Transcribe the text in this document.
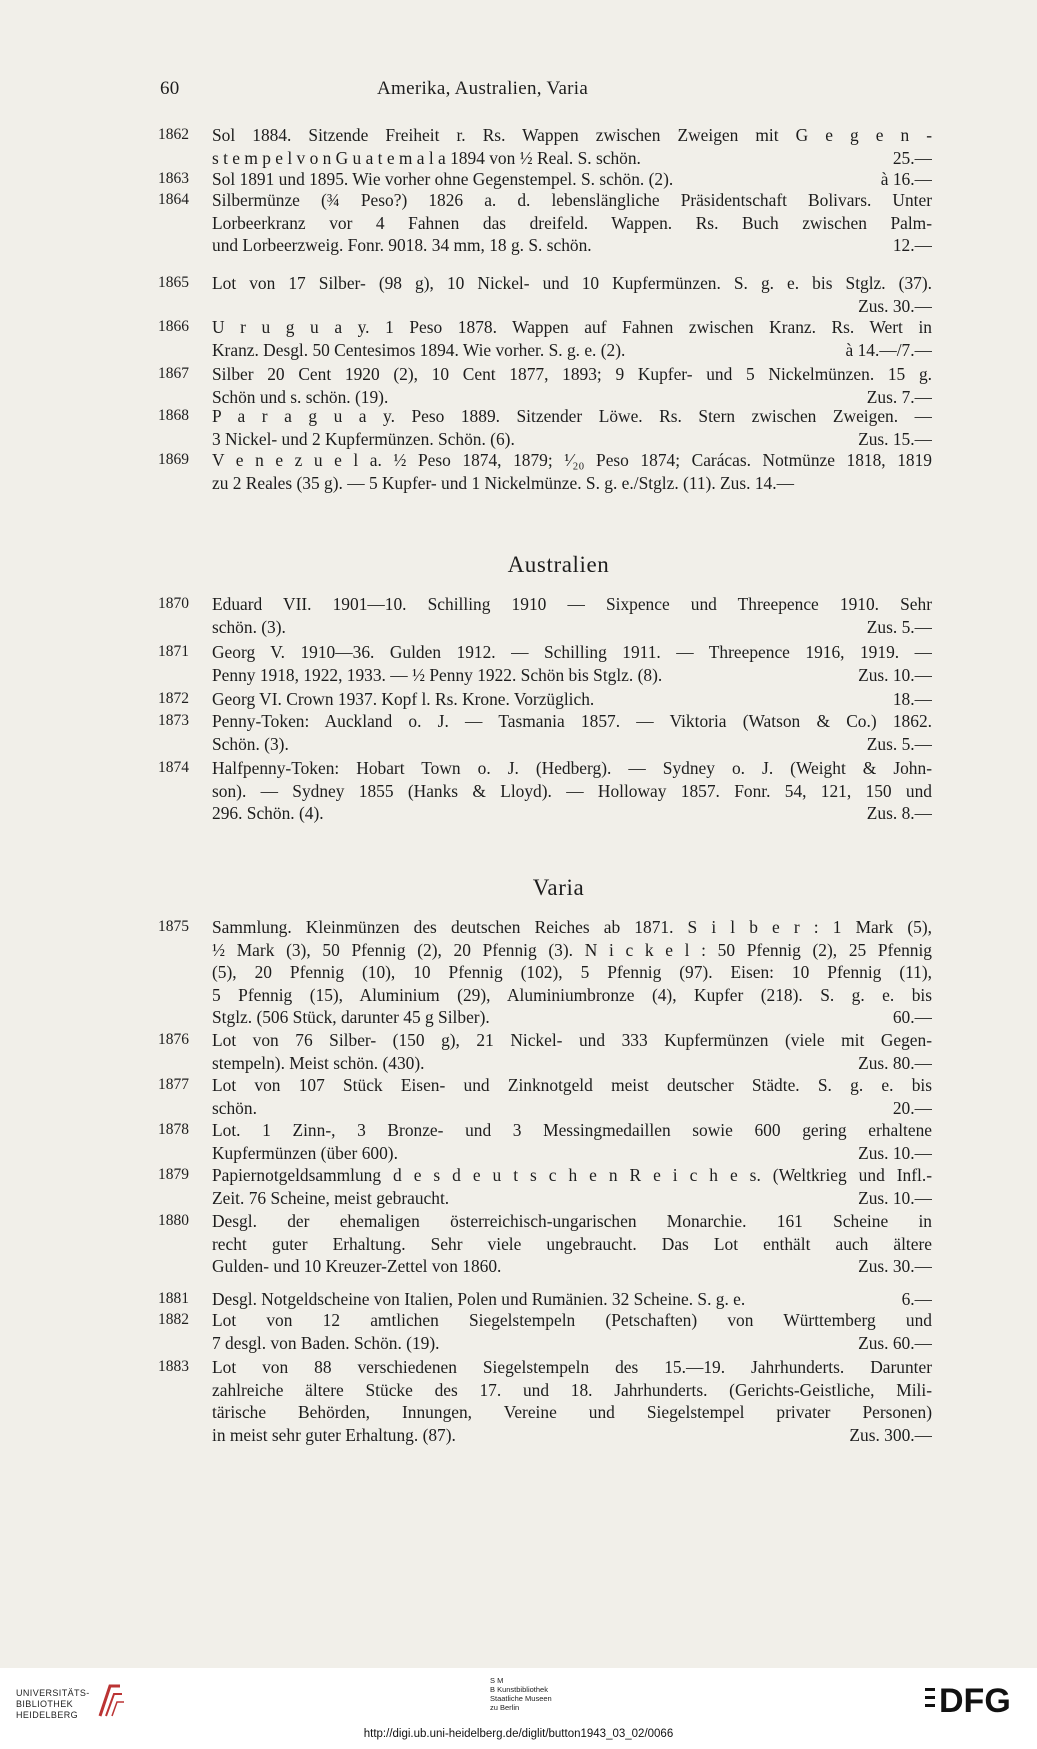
60	Amerika, Australien, Varia
1862	Sol 1884. Sitzende Freiheit r. Rs. Wappen zwischen Zweigen mit G e g e n -
s t e m p e l v o n G u a t e m a l a 1894 von ½ Real. S. schön.	25.—
1863	Sol 1891 und 1895. Wie vorher ohne Gegenstempel. S. schön. (2).	à 16.—
1864	Silbermünze (¾ Peso?) 1826 a. d. lebenslängliche Präsidentschaft Bolivars. Unter
Lorbeerkranz vor 4 Fahnen das dreifeld. Wappen. Rs. Buch zwischen Palm-
und Lorbeerzweig. Fonr. 9018. 34 mm, 18 g. S. schön.	12.—
1865	Lot von 17 Silber- (98 g), 10 Nickel- und 10 Kupfermünzen. S. g. e. bis Stglz. (37).
Zus. 30.—
1866	U r u g u a y. 1 Peso 1878. Wappen auf Fahnen zwischen Kranz. Rs. Wert in
Kranz. Desgl. 50 Centesimos 1894. Wie vorher. S. g. e. (2).	à 14.—/7.—
1867	Silber 20 Cent 1920 (2), 10 Cent 1877, 1893; 9 Kupfer- und 5 Nickelmünzen. 15 g.
Schön und s. schön. (19).	Zus. 7.—
1868	P a r a g u a y. Peso 1889. Sitzender Löwe. Rs. Stern zwischen Zweigen. —
3 Nickel- und 2 Kupfermünzen. Schön. (6).	Zus. 15.—
1869	V e n e z u e l a. ½ Peso 1874, 1879; ¹⁄₂₀ Peso 1874; Carácas. Notmünze 1818, 1819
zu 2 Reales (35 g). — 5 Kupfer- und 1 Nickelmünze. S. g. e./Stglz. (11). Zus. 14.—
Australien
1870	Eduard VII. 1901—10. Schilling 1910 — Sixpence und Threepence 1910. Sehr
schön. (3).	Zus. 5.—
1871	Georg V. 1910—36. Gulden 1912. — Schilling 1911. — Threepence 1916, 1919. —
Penny 1918, 1922, 1933. — ½ Penny 1922. Schön bis Stglz. (8).	Zus. 10.—
1872	Georg VI. Crown 1937. Kopf l. Rs. Krone. Vorzüglich.	18.—
1873	Penny-Token: Auckland o. J. — Tasmania 1857. — Viktoria (Watson & Co.) 1862.
Schön. (3).	Zus. 5.—
1874	Halfpenny-Token: Hobart Town o. J. (Hedberg). — Sydney o. J. (Weight & John-
son). — Sydney 1855 (Hanks & Lloyd). — Holloway 1857. Fonr. 54, 121, 150 und
296. Schön. (4).	Zus. 8.—
Varia
1875	Sammlung. Kleinmünzen des deutschen Reiches ab 1871. S i l b e r : 1 Mark (5),
½ Mark (3), 50 Pfennig (2), 20 Pfennig (3). N i c k e l : 50 Pfennig (2), 25 Pfennig
(5), 20 Pfennig (10), 10 Pfennig (102), 5 Pfennig (97). Eisen: 10 Pfennig (11),
5 Pfennig (15), Aluminium (29), Aluminiumbronze (4), Kupfer (218). S. g. e. bis
Stglz. (506 Stück, darunter 45 g Silber).	60.—
1876	Lot von 76 Silber- (150 g), 21 Nickel- und 333 Kupfermünzen (viele mit Gegen-
stempeln). Meist schön. (430).	Zus. 80.—
1877	Lot von 107 Stück Eisen- und Zinknotgeld meist deutscher Städte. S. g. e. bis
schön.	20.—
1878	Lot. 1 Zinn-, 3 Bronze- und 3 Messingmedaillen sowie 600 gering erhaltene
Kupfermünzen (über 600).	Zus. 10.—
1879	Papiernotgeldsammlung d e s d e u t s c h e n R e i c h e s. (Weltkrieg und Infl.-
Zeit. 76 Scheine, meist gebraucht.	Zus. 10.—
1880	Desgl. der ehemaligen österreichisch-ungarischen Monarchie. 161 Scheine in
recht guter Erhaltung. Sehr viele ungebraucht. Das Lot enthält auch ältere
Gulden- und 10 Kreuzer-Zettel von 1860.	Zus. 30.—
1881	Desgl. Notgeldscheine von Italien, Polen und Rumänien. 32 Scheine. S. g. e.	6.—
1882	Lot von 12 amtlichen Siegelstempeln (Petschaften) von Württemberg und
7 desgl. von Baden. Schön. (19).	Zus. 60.—
1883	Lot von 88 verschiedenen Siegelstempeln des 15.—19. Jahrhunderts. Darunter
zahlreiche ältere Stücke des 17. und 18. Jahrhunderts. (Gerichts-Geistliche, Mili-
tärische Behörden, Innungen, Vereine und Siegelstempel privater Personen)
in meist sehr guter Erhaltung. (87).	Zus. 300.—
UNIVERSITÄTS-
BIBLIOTHEK
HEIDELBERG
S M
B Kunstbibliothek
Staatliche Museen
zu Berlin	DFG
http://digi.ub.uni-heidelberg.de/diglit/button1943_03_02/0066
